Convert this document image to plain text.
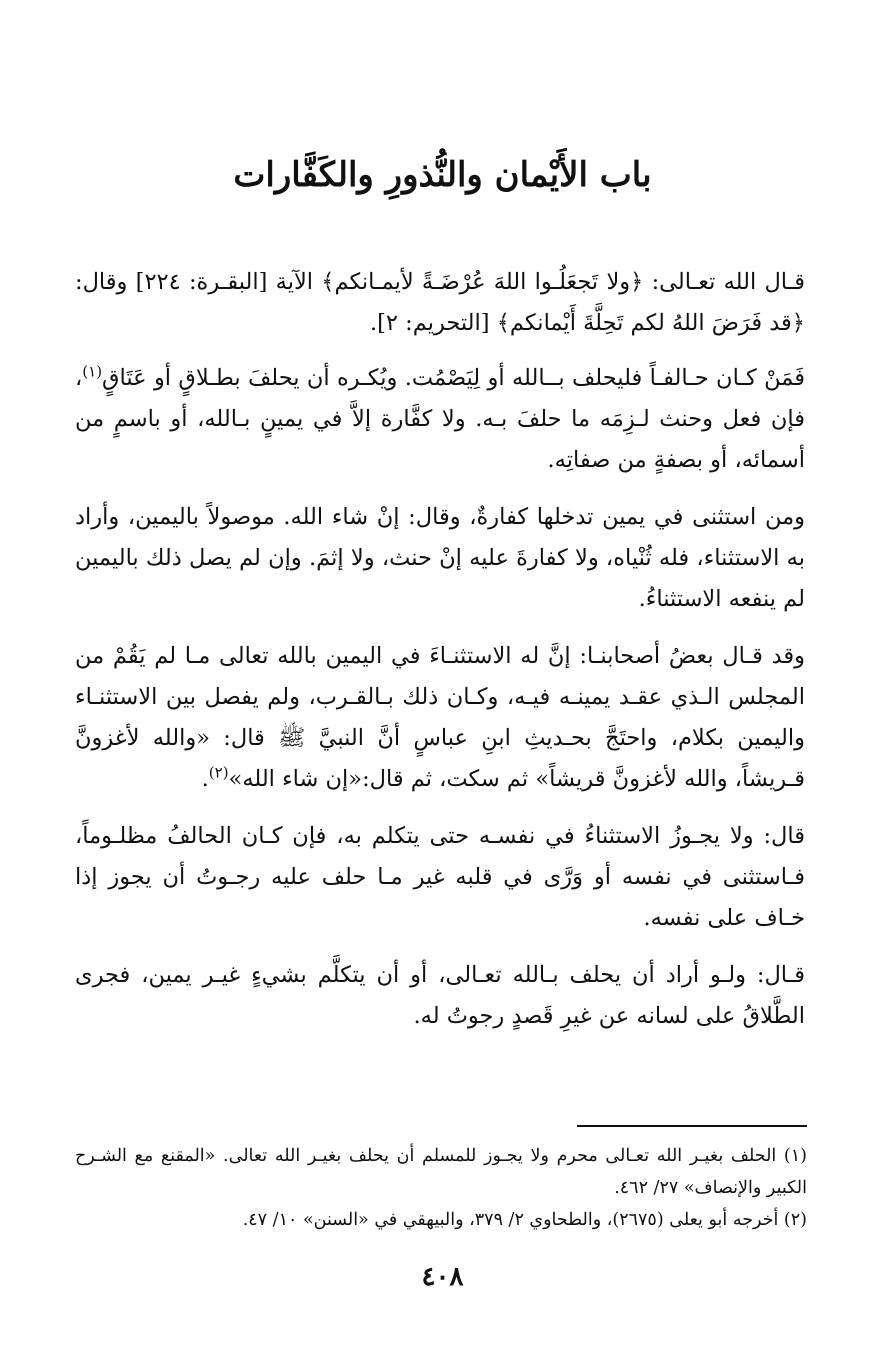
باب الأَيْمان والنُّذورِ والكَفَّارات

قـال الله تعـالى: ﴿ولا تَجعَلُـوا اللهَ عُرْضَـةً لأيمـانكم﴾ الآية [البقـرة: ٢٢٤] وقال: ﴿قد فَرَضَ اللهُ لكم تَحِلَّةَ أَيْمانكم﴾ [التحريم: ٢].

فَمَنْ كـان حـالفـاً فليحلف بــالله أو لِيَصْمُت. ويُكـره أن يحلفَ بطـلاقٍ أو عَتَاقٍ$^{(١)}$، فإن فعل وحنث لـزِمَه ما حلفَ بـه. ولا كفَّارة إلاَّ في يمينٍ بـالله، أو باسمٍ من أسمائه، أو بصفةٍ من صفاتِه.

ومن استثنى في يمين تدخلها كفارةٌ، وقال: إنْ شاء الله. موصولاً باليمين، وأراد به الاستثناء، فله ثُنْياه، ولا كفارةَ عليه إنْ حنث، ولا إثمَ. وإن لم يصل ذلك باليمين لم ينفعه الاستثناءُ.

وقد قـال بعضُ أصحابنـا: إنَّ له الاستثنـاءَ في اليمين بالله تعالى مـا لم يَقُمْ من المجلس الـذي عقـد يمينـه فيـه، وكـان ذلك بـالقـرب، ولم يفصل بين الاستثنـاء واليمين بكلام، واحتَجَّ بحـديثِ ابنِ عباسٍ أنَّ النبيَّ ﷺ قال: «والله لأغزونَّ قـريشاً، والله لأغزونَّ قريشاً» ثم سكت، ثم قال:«إن شاء الله»$^{(٢)}$.

قال: ولا يجـوزُ الاستثناءُ في نفسـه حتى يتكلم به، فإن كـان الحالفُ مظلـوماً، فـاستثنى في نفسه أو وَرَّى في قلبه غير مـا حلف عليه رجـوتُ أن يجوز إذا خـاف على نفسه.

قـال: ولـو أراد أن يحلف بـالله تعـالى، أو أن يتكلَّم بشيءٍ غيـر يمين، فجرى الطَّلاقُ على لسانه عن غيرِ قَصدٍ رجوتُ له.

(١) الحلف بغيـر الله تعـالى محرم ولا يجـوز للمسلم أن يحلف بغيـر الله تعالى. «المقنع مع الشـرح الكبير والإنصاف» ٢٧/ ٤٦٢.

(٢) أخرجه أبو يعلى (٢٦٧٥)، والطحاوي ٢/ ٣٧٩، والبيهقي في «السنن» ١٠/ ٤٧.

٤٠٨
